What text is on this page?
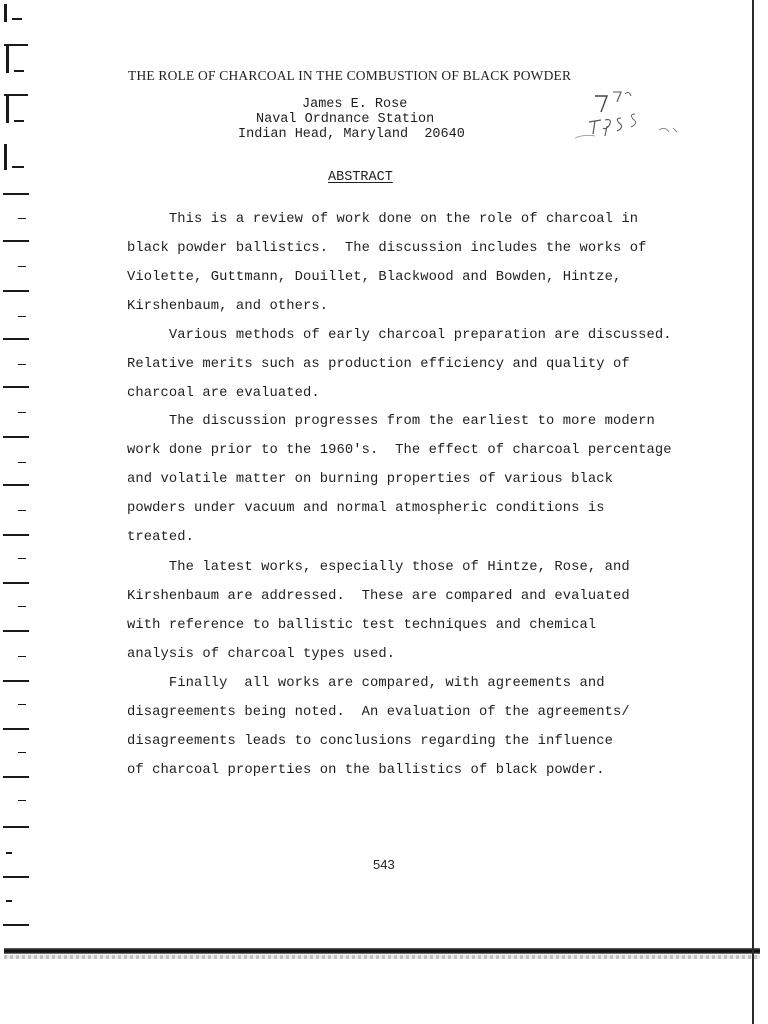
THE ROLE OF CHARCOAL IN THE COMBUSTION OF BLACK POWDER
James E. Rose
Naval Ordnance Station
Indian Head, Maryland  20640
ABSTRACT
This is a review of work done on the role of charcoal in
black powder ballistics.  The discussion includes the works of
Violette, Guttmann, Douillet, Blackwood and Bowden, Hintze,
Kirshenbaum, and others.
Various methods of early charcoal preparation are discussed.
Relative merits such as production efficiency and quality of
charcoal are evaluated.
The discussion progresses from the earliest to more modern
work done prior to the 1960's.  The effect of charcoal percentage
and volatile matter on burning properties of various black
powders under vacuum and normal atmospheric conditions is
treated.
The latest works, especially those of Hintze, Rose, and
Kirshenbaum are addressed.  These are compared and evaluated
with reference to ballistic test techniques and chemical
analysis of charcoal types used.
Finally  all works are compared, with agreements and
disagreements being noted.  An evaluation of the agreements/
disagreements leads to conclusions regarding the influence
of charcoal properties on the ballistics of black powder.
543
